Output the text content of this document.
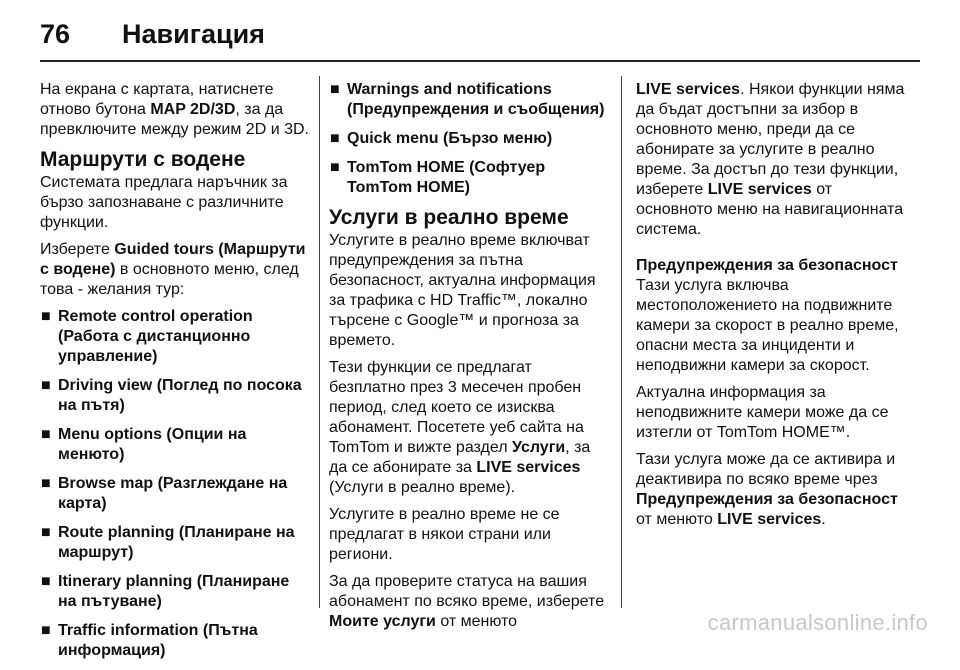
76	Навигация

На екрана с картата, натиснете отново бутона MAP 2D/3D, за да превключите между режим 2D и 3D.

Маршрути с водене

Системата предлага наръчник за бързо запознаване с различните функции.

Изберете Guided tours (Маршрути с водене) в основното меню, след това - желания тур:

■ Remote control operation (Работа с дистанционно управление)
■ Driving view (Поглед по посока на пътя)
■ Menu options (Опции на менюто)
■ Browse map (Разглеждане на карта)
■ Route planning (Планиране на маршрут)
■ Itinerary planning (Планиране на пътуване)
■ Traffic information (Пътна информация)
■ Warnings and notifications (Предупреждения и съобщения)
■ Quick menu (Бързо меню)
■ TomTom HOME (Софтуер TomTom HOME)
Услуги в реално време

Услугите в реално време включват предупреждения за пътна безопасност, актуална информация за трафика с HD Traffic™, локално търсене с Google™ и прогноза за времето.

Тези функции се предлагат безплатно през 3 месечен пробен период, след което се изисква абонамент. Посетете уеб сайта на TomTom и вижте раздел Услуги, за да се абонирате за LIVE services (Услуги в реално време).

Услугите в реално време не се предлагат в някои страни или региони.

За да проверите статуса на вашия абонамент по всяко време, изберете Моите услуги от менюто

LIVE services. Някои функции няма да бъдат достъпни за избор в основното меню, преди да се абонирате за услугите в реално време. За достъп до тези функции, изберете LIVE services от основното меню на навигационната система.

Предупреждения за безопасност

Тази услуга включва местоположението на подвижните камери за скорост в реално време, опасни места за инциденти и неподвижни камери за скорост.

Актуална информация за неподвижните камери може да се изтегли от TomTom HOME™.

Тази услуга може да се активира и деактивира по всяко време чрез Предупреждения за безопасност от менюто LIVE services.

carmanualsonline.info
